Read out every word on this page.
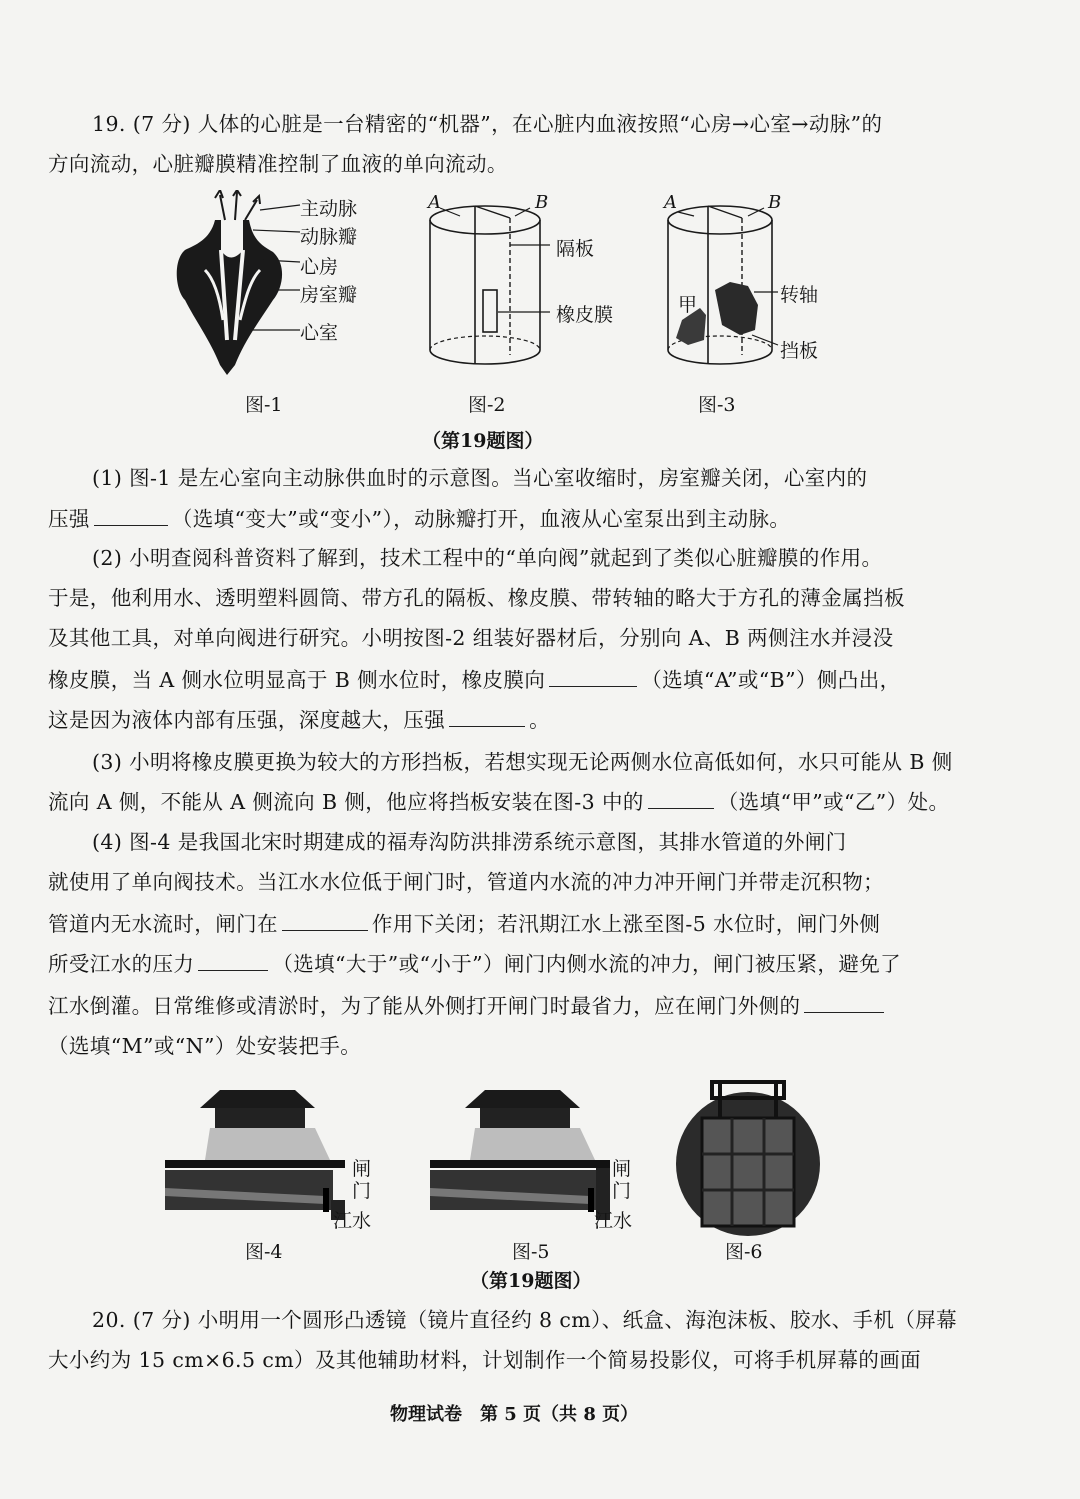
19. (7 分) 人体的心脏是一台精密的“机器”，在心脏内血液按照“心房→心室→动脉”的
方向流动，心脏瓣膜精准控制了血液的单向流动。
主动脉
动脉瓣
心房
房室瓣
心室
图-1
A	B
隔板
橡皮膜
图-2
A	B
甲	转轴
挡板
图-3
（第19题图）
(1) 图-1 是左心室向主动脉供血时的示意图。当心室收缩时，房室瓣关闭，心室内的
压强	（选填“变大”或“变小”），动脉瓣打开，血液从心室泵出到主动脉。
(2) 小明查阅科普资料了解到，技术工程中的“单向阀”就起到了类似心脏瓣膜的作用。
于是，他利用水、透明塑料圆筒、带方孔的隔板、橡皮膜、带转轴的略大于方孔的薄金属挡板
及其他工具，对单向阀进行研究。小明按图-2 组装好器材后，分别向 A、B 两侧注水并浸没
橡皮膜，当 A 侧水位明显高于 B 侧水位时，橡皮膜向	（选填“A”或“B”）侧凸出，
这是因为液体内部有压强，深度越大，压强	。
(3) 小明将橡皮膜更换为较大的方形挡板，若想实现无论两侧水位高低如何，水只可能从 B 侧
流向 A 侧，不能从 A 侧流向 B 侧，他应将挡板安装在图-3 中的	（选填“甲”或“乙”）处。
(4) 图-4 是我国北宋时期建成的福寿沟防洪排涝系统示意图，其排水管道的外闸门
就使用了单向阀技术。当江水水位低于闸门时，管道内水流的冲力冲开闸门并带走沉积物；
管道内无水流时，闸门在	作用下关闭；若汛期江水上涨至图-5 水位时，闸门外侧
所受江水的压力	（选填“大于”或“小于”）闸门内侧水流的冲力，闸门被压紧，避免了
江水倒灌。日常维修或清淤时，为了能从外侧打开闸门时最省力，应在闸门外侧的
（选填“M”或“N”）处安装把手。
闸
门
江水
图-4
闸
门
江水
图-5	图-6
（第19题图）
20. (7 分) 小明用一个圆形凸透镜（镜片直径约 8 cm）、纸盒、海泡沫板、胶水、手机（屏幕
大小约为 15 cm×6.5 cm）及其他辅助材料，计划制作一个简易投影仪，可将手机屏幕的画面
物理试卷　第 5 页（共 8 页）
